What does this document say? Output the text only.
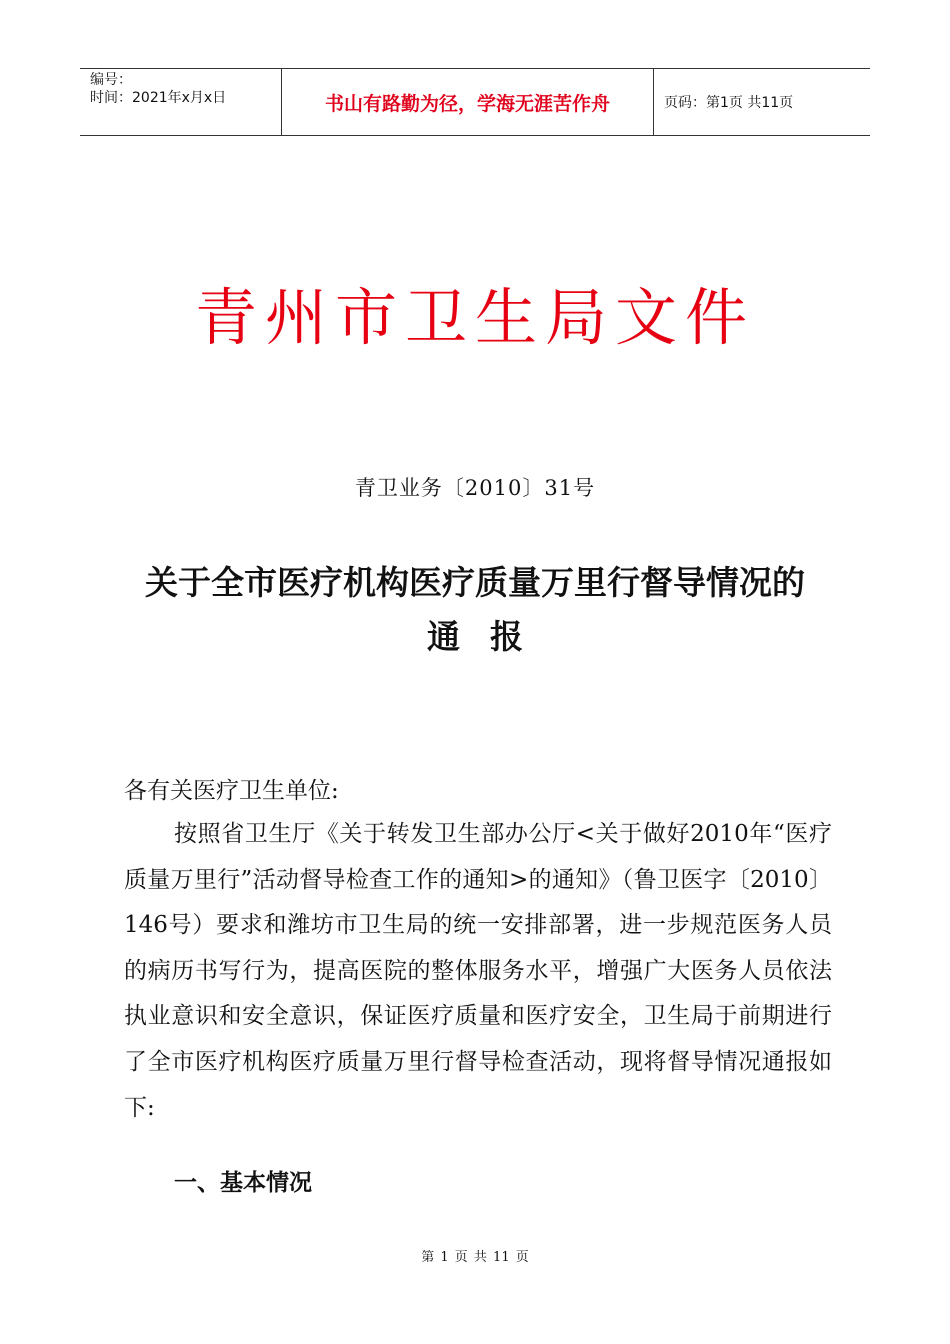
编号：
时间：2021年x月x日	书山有路勤为径，学海无涯苦作舟	页码：第1页 共11页
青州市卫生局文件
青卫业务〔2010〕31号
关于全市医疗机构医疗质量万里行督导情况的
通报
各有关医疗卫生单位:

按照省卫生厅《关于转发卫生部办公厅<关于做好2010年“医疗质量万里行”活动督导检查工作的通知>的通知》（鲁卫医字〔2010〕146号）要求和潍坊市卫生局的统一安排部署，进一步规范医务人员的病历书写行为，提高医院的整体服务水平，增强广大医务人员依法执业意识和安全意识，保证医疗质量和医疗安全，卫生局于前期进行了全市医疗机构医疗质量万里行督导检查活动，现将督导情况通报如下:

一、基本情况
第 1 页 共 11 页
